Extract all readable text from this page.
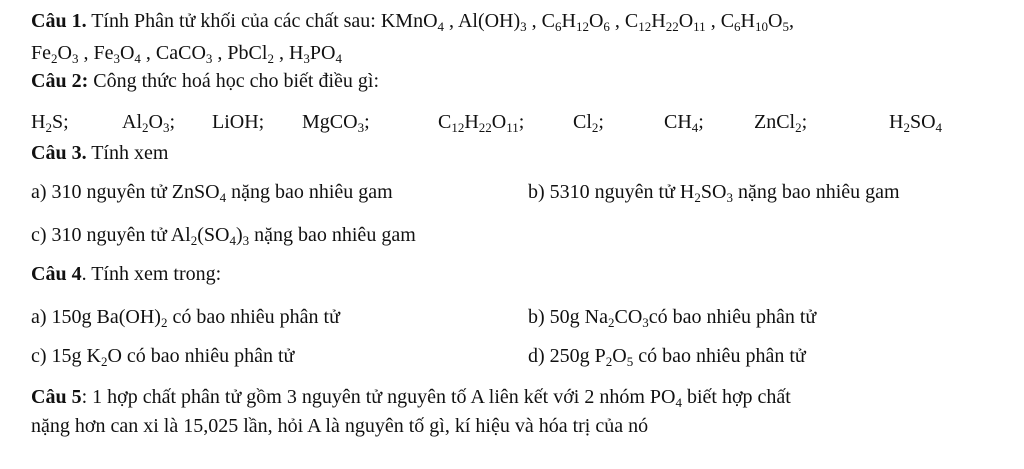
Câu 1. Tính Phân tử khối của các chất sau: KMnO$_4$ , $Al(OH)_3$ , $C_6H_{12}O_6$ , $C_{12}H_{22}O_{11}$ , $C_6H_{10}O_5$,
$Fe_2O_3$ , $Fe_3O_4$ , CaCO$_3$ , PbCl$_2$ , $H_3PO_4$
Câu 2: Công thức hoá học cho biết điều gì:
$H_2S$;	$Al_2O_3$; LiOH; MgCO$_3$;	$C_{12}H_{22}O_{11}$; $Cl_2$;	$CH_4$;	ZnCl$_2$;	$H_2SO_4$
Câu 3. Tính xem
a) 310 nguyên tử ZnSO$_4$ nặng bao nhiêu gam	b) 5310 nguyên tử $H_2SO_3$ nặng bao nhiêu gam
c) 310 nguyên tử $Al_2(SO_4)_3$ nặng bao nhiêu gam
Câu 4. Tính xem trong:
a) 150g $Ba(OH)_2$ có bao nhiêu phân tử	b) 50g $Na_2CO_3có$ bao nhiêu phân tử
c) 15g $K_2O$ có bao nhiêu phân tử	d) 250g $P_2O_5$ có bao nhiêu phân tử
Câu 5: 1 hợp chất phân tử gồm 3 nguyên tử nguyên tố A liên kết với 2 nhóm $PO_4$ biết hợp chất
nặng hơn can xi là 15,025 lần, hỏi A là nguyên tố gì, kí hiệu và hóa trị của nó
